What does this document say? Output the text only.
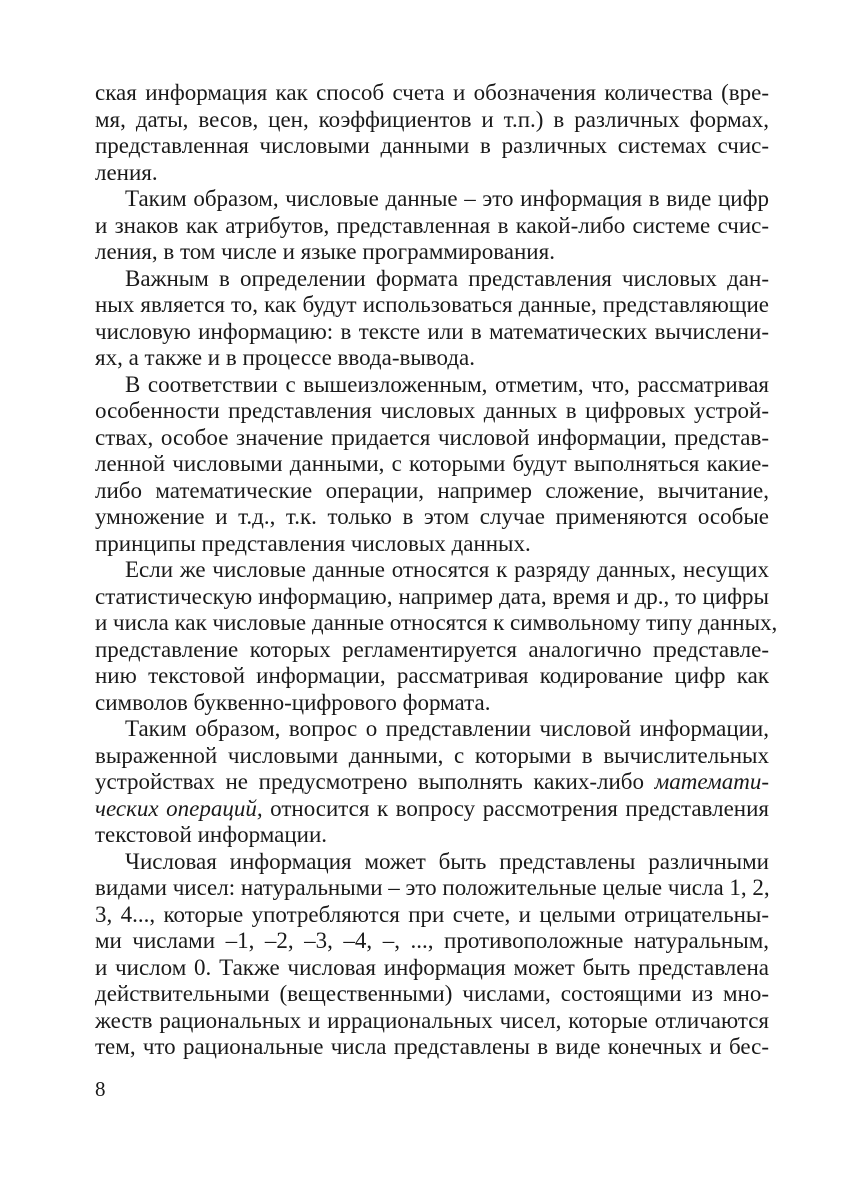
ская информация как способ счета и обозначения количества (вре-
мя, даты, весов, цен, коэффициентов и т.п.) в различных формах,
представленная числовыми данными в различных системах счис-
ления.

Таким образом, числовые данные – это информация в виде цифр
и знаков как атрибутов, представленная в какой-либо системе счис-
ления, в том числе и языке программирования.

Важным в определении формата представления числовых дан-
ных является то, как будут использоваться данные, представляющие
числовую информацию: в тексте или в математических вычислени-
ях, а также и в процессе ввода-вывода.

В соответствии с вышеизложенным, отметим, что, рассматривая
особенности представления числовых данных в цифровых устрой-
ствах, особое значение придается числовой информации, представ-
ленной числовыми данными, с которыми будут выполняться какие-
либо математические операции, например сложение, вычитание,
умножение и т.д., т.к. только в этом случае применяются особые
принципы представления числовых данных.

Если же числовые данные относятся к разряду данных, несущих
статистическую информацию, например дата, время и др., то цифры
и числа как числовые данные относятся к символьному типу данных,
представление которых регламентируется аналогично представле-
нию текстовой информации, рассматривая кодирование цифр как
символов буквенно-цифрового формата.

Таким образом, вопрос о представлении числовой информации,
выраженной числовыми данными, с которыми в вычислительных
устройствах не предусмотрено выполнять каких-либо математи-
ческих операций, относится к вопросу рассмотрения представления
текстовой информации.

Числовая информация может быть представлены различными
видами чисел: натуральными – это положительные целые числа 1, 2,
3, 4..., которые употребляются при счете, и целыми отрицательны-
ми числами –1, –2, –3, –4, –, ..., противоположные натуральным,
и числом 0. Также числовая информация может быть представлена
действительными (вещественными) числами, состоящими из мно-
жеств рациональных и иррациональных чисел, которые отличаются
тем, что рациональные числа представлены в виде конечных и бес-

8
